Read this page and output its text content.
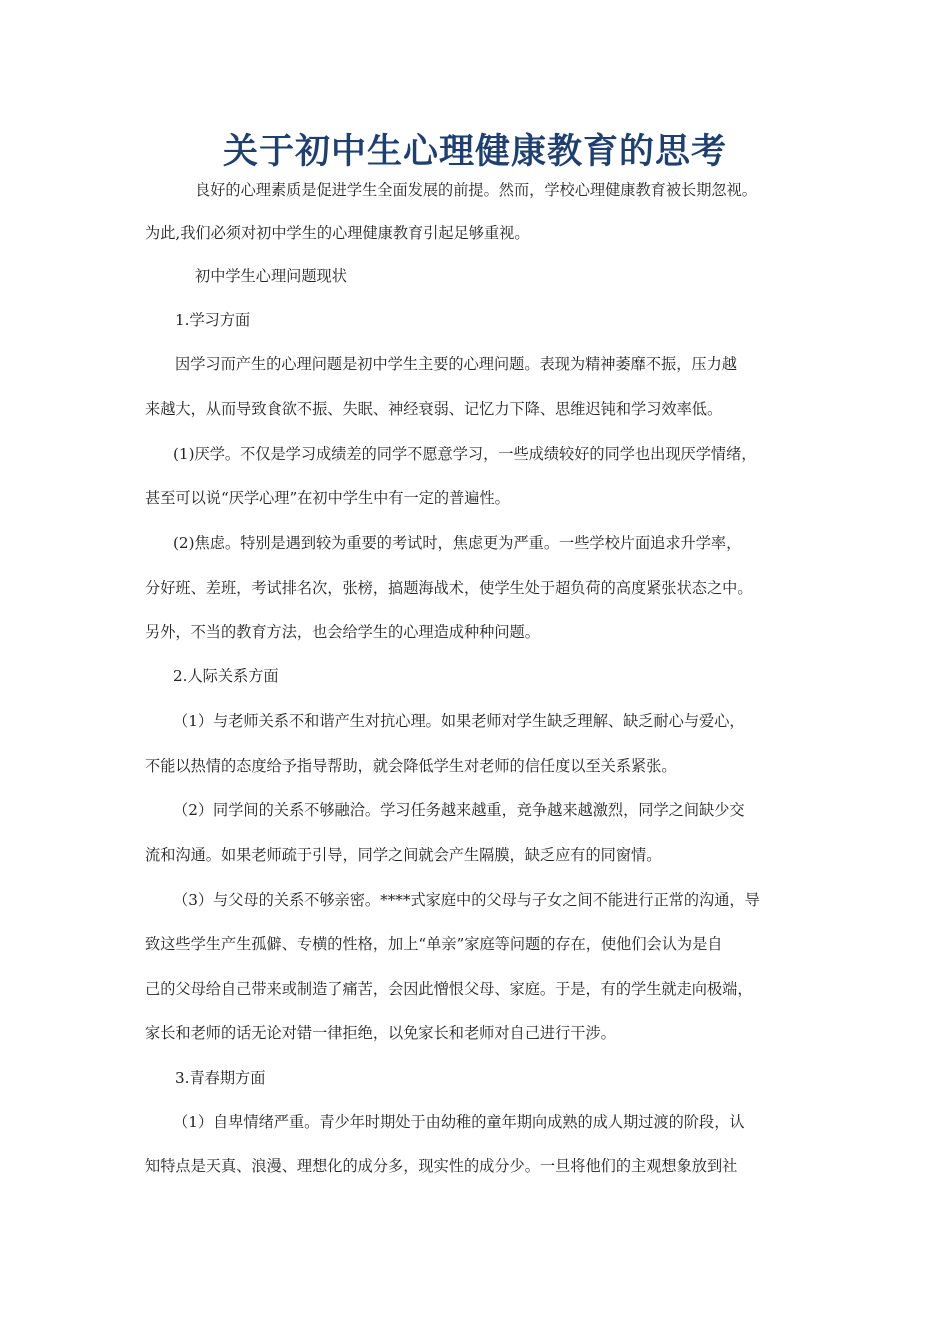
关于初中生心理健康教育的思考
良好的心理素质是促进学生全面发展的前提。然而，学校心理健康教育被长期忽视。
为此,我们必须对初中学生的心理健康教育引起足够重视。
初中学生心理问题现状
1.学习方面
因学习而产生的心理问题是初中学生主要的心理问题。表现为精神萎靡不振，压力越
来越大，从而导致食欲不振、失眠、神经衰弱、记忆力下降、思维迟钝和学习效率低。
(1)厌学。不仅是学习成绩差的同学不愿意学习，一些成绩较好的同学也出现厌学情绪，
甚至可以说“厌学心理”在初中学生中有一定的普遍性。
(2)焦虑。特别是遇到较为重要的考试时，焦虑更为严重。一些学校片面追求升学率，
分好班、差班，考试排名次，张榜，搞题海战术，使学生处于超负荷的高度紧张状态之中。
另外，不当的教育方法，也会给学生的心理造成种种问题。
2.人际关系方面
（1）与老师关系不和谐产生对抗心理。如果老师对学生缺乏理解、缺乏耐心与爱心，
不能以热情的态度给予指导帮助，就会降低学生对老师的信任度以至关系紧张。
（2）同学间的关系不够融洽。学习任务越来越重，竞争越来越激烈，同学之间缺少交
流和沟通。如果老师疏于引导，同学之间就会产生隔膜，缺乏应有的同窗情。
（3）与父母的关系不够亲密。****式家庭中的父母与子女之间不能进行正常的沟通，导
致这些学生产生孤僻、专横的性格，加上“单亲”家庭等问题的存在，使他们会认为是自
己的父母给自己带来或制造了痛苦，会因此憎恨父母、家庭。于是，有的学生就走向极端，
家长和老师的话无论对错一律拒绝，以免家长和老师对自己进行干涉。
3.青春期方面
（1）自卑情绪严重。青少年时期处于由幼稚的童年期向成熟的成人期过渡的阶段，认
知特点是天真、浪漫、理想化的成分多，现实性的成分少。一旦将他们的主观想象放到社
